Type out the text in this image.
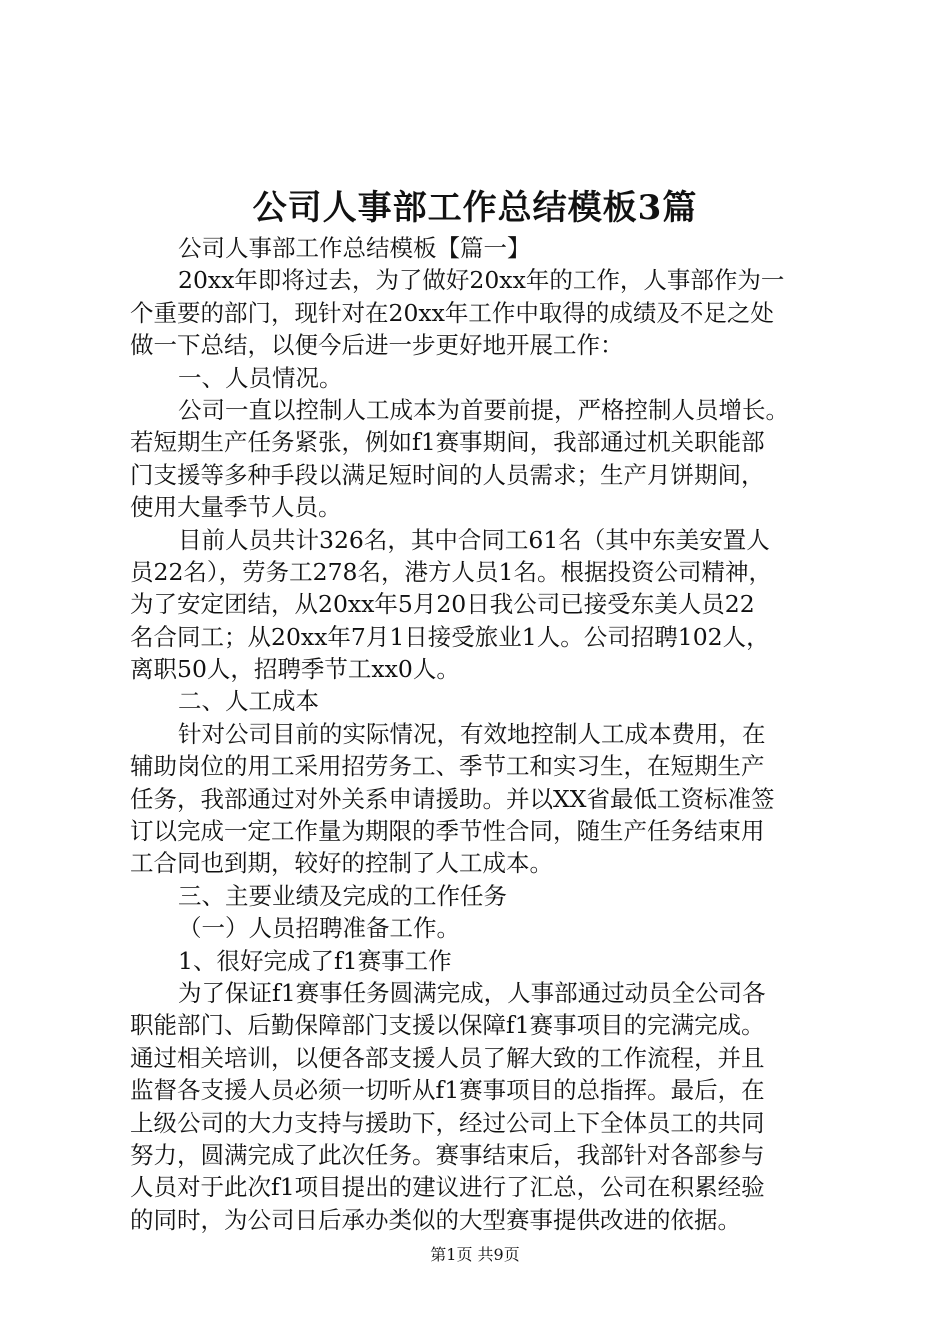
公司人事部工作总结模板3篇
公司人事部工作总结模板【篇一】
20xx年即将过去，为了做好20xx年的工作，人事部作为一
个重要的部门，现针对在20xx年工作中取得的成绩及不足之处
做一下总结，以便今后进一步更好地开展工作：
一、人员情况。
公司一直以控制人工成本为首要前提，严格控制人员增长。
若短期生产任务紧张，例如f1赛事期间，我部通过机关职能部
门支援等多种手段以满足短时间的人员需求；生产月饼期间，
使用大量季节人员。
目前人员共计326名，其中合同工61名（其中东美安置人
员22名），劳务工278名，港方人员1名。根据投资公司精神，
为了安定团结，从20xx年5月20日我公司已接受东美人员22
名合同工；从20xx年7月1日接受旅业1人。公司招聘102人，
离职50人，招聘季节工xx0人。
二、人工成本
针对公司目前的实际情况，有效地控制人工成本费用，在
辅助岗位的用工采用招劳务工、季节工和实习生，在短期生产
任务，我部通过对外关系申请援助。并以XX省最低工资标准签
订以完成一定工作量为期限的季节性合同，随生产任务结束用
工合同也到期，较好的控制了人工成本。
三、主要业绩及完成的工作任务
（一）人员招聘准备工作。
1、很好完成了f1赛事工作
为了保证f1赛事任务圆满完成，人事部通过动员全公司各
职能部门、后勤保障部门支援以保障f1赛事项目的完满完成。
通过相关培训，以便各部支援人员了解大致的工作流程，并且
监督各支援人员必须一切听从f1赛事项目的总指挥。最后，在
上级公司的大力支持与援助下，经过公司上下全体员工的共同
努力，圆满完成了此次任务。赛事结束后，我部针对各部参与
人员对于此次f1项目提出的建议进行了汇总，公司在积累经验
的同时，为公司日后承办类似的大型赛事提供改进的依据。
第1页 共9页
